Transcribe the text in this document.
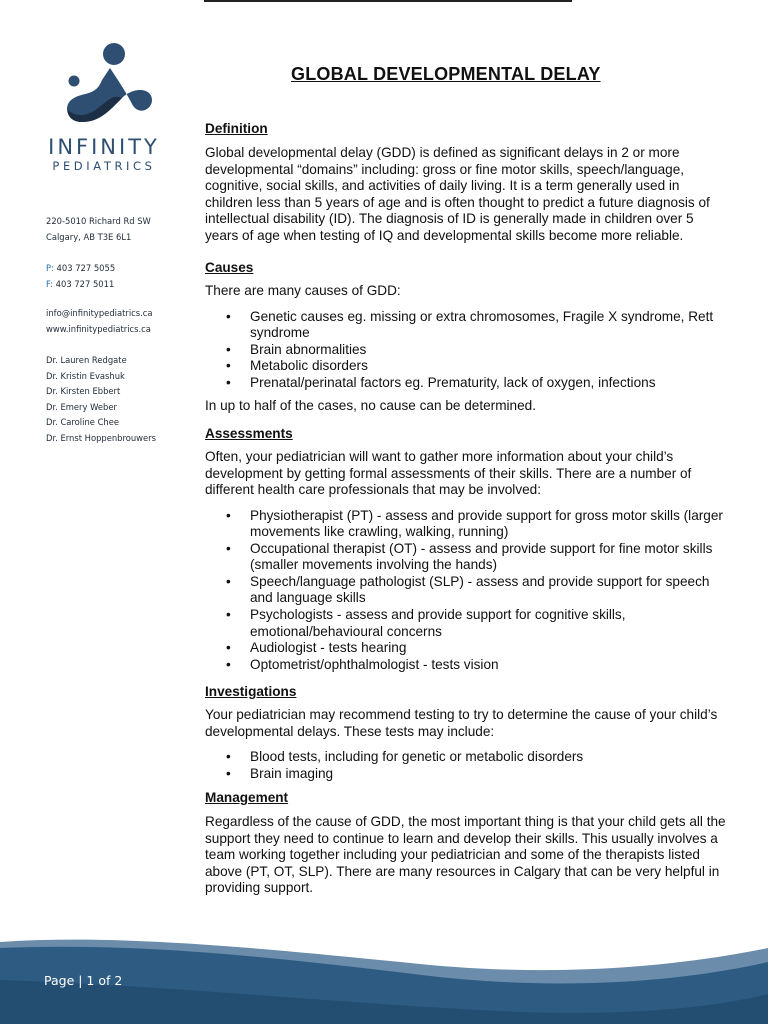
INFINITY
PEDIATRICS
220-5010 Richard Rd SW
Calgary, AB T3E 6L1
P: 403 727 5055
F: 403 727 5011
info@infinitypediatrics.ca
www.infinitypediatrics.ca
Dr. Lauren Redgate
Dr. Kristin Evashuk
Dr. Kirsten Ebbert
Dr. Emery Weber
Dr. Caroline Chee
Dr. Ernst Hoppenbrouwers
GLOBAL DEVELOPMENTAL DELAY
Definition

Global developmental delay (GDD) is defined as significant delays in 2 or more developmental “domains” including: gross or fine motor skills, speech/language, cognitive, social skills, and activities of daily living. It is a term generally used in children less than 5 years of age and is often thought to predict a future diagnosis of intellectual disability (ID). The diagnosis of ID is generally made in children over 5 years of age when testing of IQ and developmental skills become more reliable.

Causes

There are many causes of GDD:

• Genetic causes eg. missing or extra chromosomes, Fragile X syndrome, Rett syndrome
• Brain abnormalities
• Metabolic disorders
• Prenatal/perinatal factors eg. Prematurity, lack of oxygen, infections

In up to half of the cases, no cause can be determined.

Assessments

Often, your pediatrician will want to gather more information about your child’s development by getting formal assessments of their skills. There are a number of different health care professionals that may be involved:

• Physiotherapist (PT) - assess and provide support for gross motor skills (larger movements like crawling, walking, running)
• Occupational therapist (OT) - assess and provide support for fine motor skills (smaller movements involving the hands)
• Speech/language pathologist (SLP) - assess and provide support for speech and language skills
• Psychologists - assess and provide support for cognitive skills, emotional/behavioural concerns
• Audiologist - tests hearing
• Optometrist/ophthalmologist - tests vision
Investigations

Your pediatrician may recommend testing to try to determine the cause of your child’s developmental delays. These tests may include:

• Blood tests, including for genetic or metabolic disorders
• Brain imaging
Management

Regardless of the cause of GDD, the most important thing is that your child gets all the support they need to continue to learn and develop their skills. This usually involves a team working together including your pediatrician and some of the therapists listed above (PT, OT, SLP). There are many resources in Calgary that can be very helpful in providing support.

Page | 1 of 2
